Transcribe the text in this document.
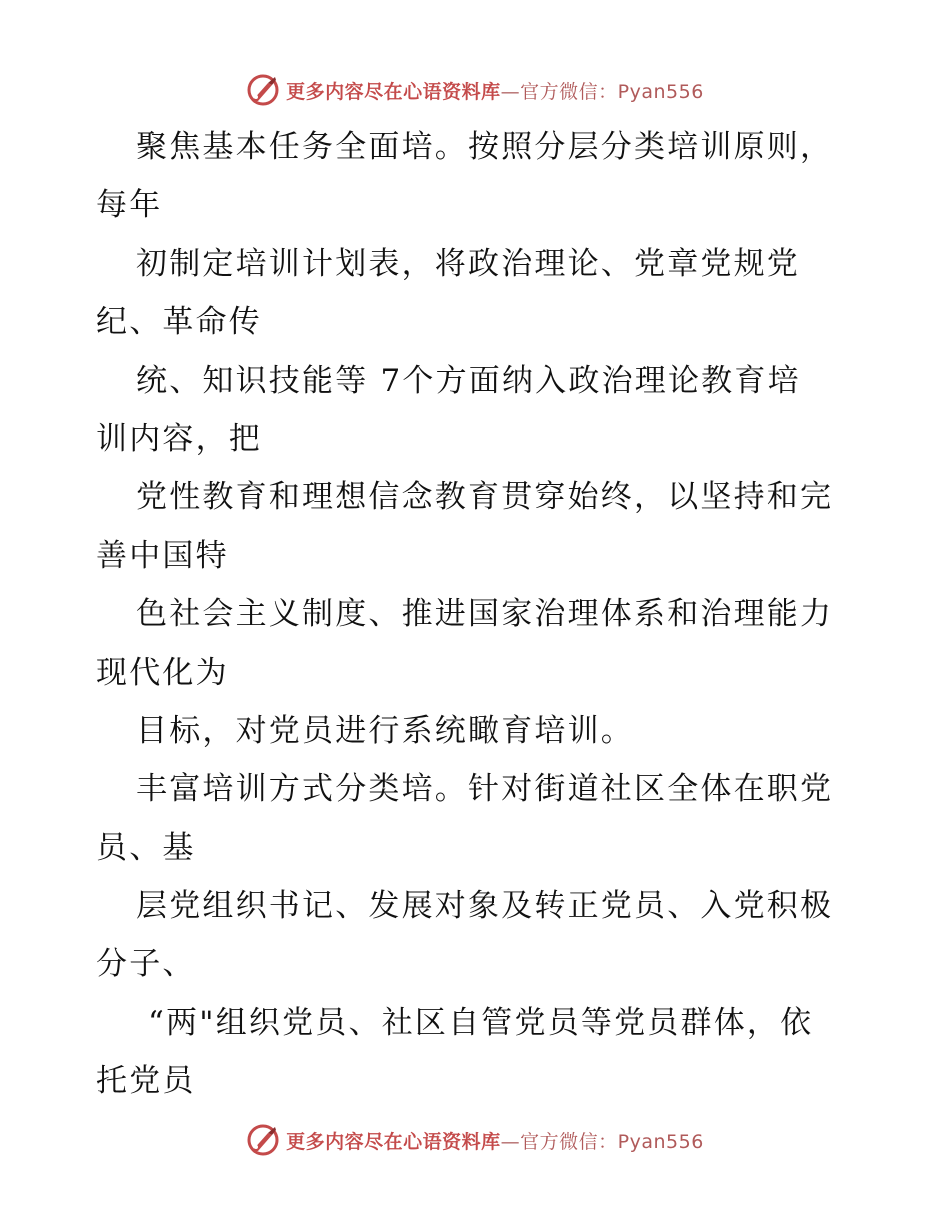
更多内容尽在心语资料库—官方微信：Pyan556
聚焦基本任务全面培。按照分层分类培训原则，
每年
初制定培训计划表，将政治理论、党章党规党
纪、革命传
统、知识技能等 7个方面纳入政治理论教育培
训内容，把
党性教育和理想信念教育贯穿始终，以坚持和完
善中国特
色社会主义制度、推进国家治理体系和治理能力
现代化为
目标，对党员进行系统瞰育培训。
丰富培训方式分类培。针对街道社区全体在职党
员、基
层党组织书记、发展对象及转正党员、入党积极
分子、
“两"组织党员、社区自管党员等党员群体，依
托党员
更多内容尽在心语资料库—官方微信：Pyan556
